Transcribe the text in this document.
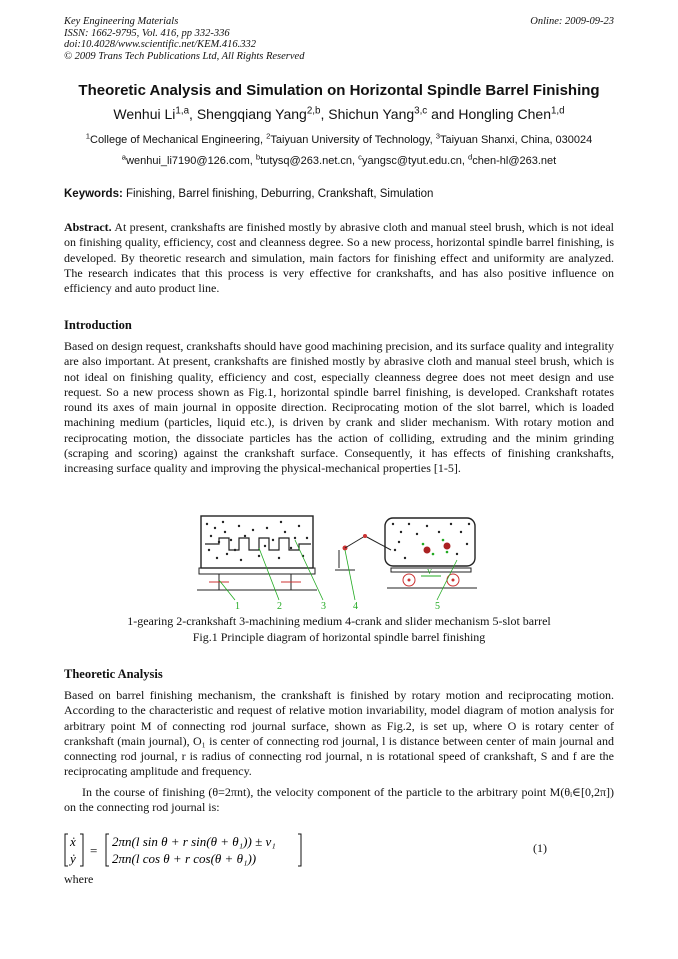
Key Engineering Materials
ISSN: 1662-9795, Vol. 416, pp 332-336
doi:10.4028/www.scientific.net/KEM.416.332
© 2009 Trans Tech Publications Ltd, All Rights Reserved
Online: 2009-09-23
Theoretic Analysis and Simulation on Horizontal Spindle Barrel Finishing
Wenhui Li$^{1,a}$, Shengqiang Yang$^{2,b}$, Shichun Yang$^{3,c}$ and Hongling Chen$^{1,d}$
$^1$College of Mechanical Engineering, $^2$Taiyuan University of Technology, $^3$Taiyuan Shanxi, China, 030024
$^a$wenhui_li7190@126.com, $^b$tutysq@263.net.cn, $^c$yangsc@tyut.edu.cn, $^d$chen-hl@263.net
Keywords: Finishing, Barrel finishing, Deburring, Crankshaft, Simulation
Abstract. At present, crankshafts are finished mostly by abrasive cloth and manual steel brush, which is not ideal on finishing quality, efficiency, cost and cleanness degree. So a new process, horizontal spindle barrel finishing, is developed. By theoretic research and simulation, main factors for finishing effect and uniformity are analyzed. The research indicates that this process is very effective for crankshafts, and has also positive influence on efficiency and auto product line.
Introduction
Based on design request, crankshafts should have good machining precision, and its surface quality and integrality are also important. At present, crankshafts are finished mostly by abrasive cloth and manual steel brush, which is not ideal on finishing quality, efficiency and cost, especially cleanness degree does not meet design and use request. So a new process shown as Fig.1, horizontal spindle barrel finishing, is developed. Crankshaft rotates round its axes of main journal in opposite direction. Reciprocating motion of the slot barrel, which is loaded machining medium (particles, liquid etc.), is driven by crank and slider mechanism. With rotary motion and reciprocating motion, the dissociate particles has the action of colliding, extruding and the minim grinding (scraping and scoring) against the crankshaft surface. Consequently, it has effects of finishing crankshafts, increasing surface quality and improving the physical-mechanical properties [1-5].
V
1	2	3	4	5
1-gearing 2-crankshaft 3-machining medium 4-crank and slider mechanism 5-slot barrel
Fig.1 Principle diagram of horizontal spindle barrel finishing
Theoretic Analysis
Based on barrel finishing mechanism, the crankshaft is finished by rotary motion and reciprocating motion. According to the characteristic and request of relative motion invariability, model diagram of motion analysis for arbitrary point M of connecting rod journal surface, shown as Fig.2, is set up, where O is rotary center of crankshaft (main journal), O₁ is center of connecting rod journal, l is distance between center of main journal and connecting rod journal, r is radius of connecting rod journal, n is rotational speed of crankshaft, S and f are the reciprocating amplitude and frequency.
In the course of finishing (θ=2πnt), the velocity component of the particle to the arbitrary point M(θᵢ∈[0,2π]) on the connecting rod journal is:
ẋ
ẏ
=
2πn(l sin θ + r sin(θ + θ₁)) ± v₁
2πn(l cos θ + r cos(θ + θ₁))
(1)
where
